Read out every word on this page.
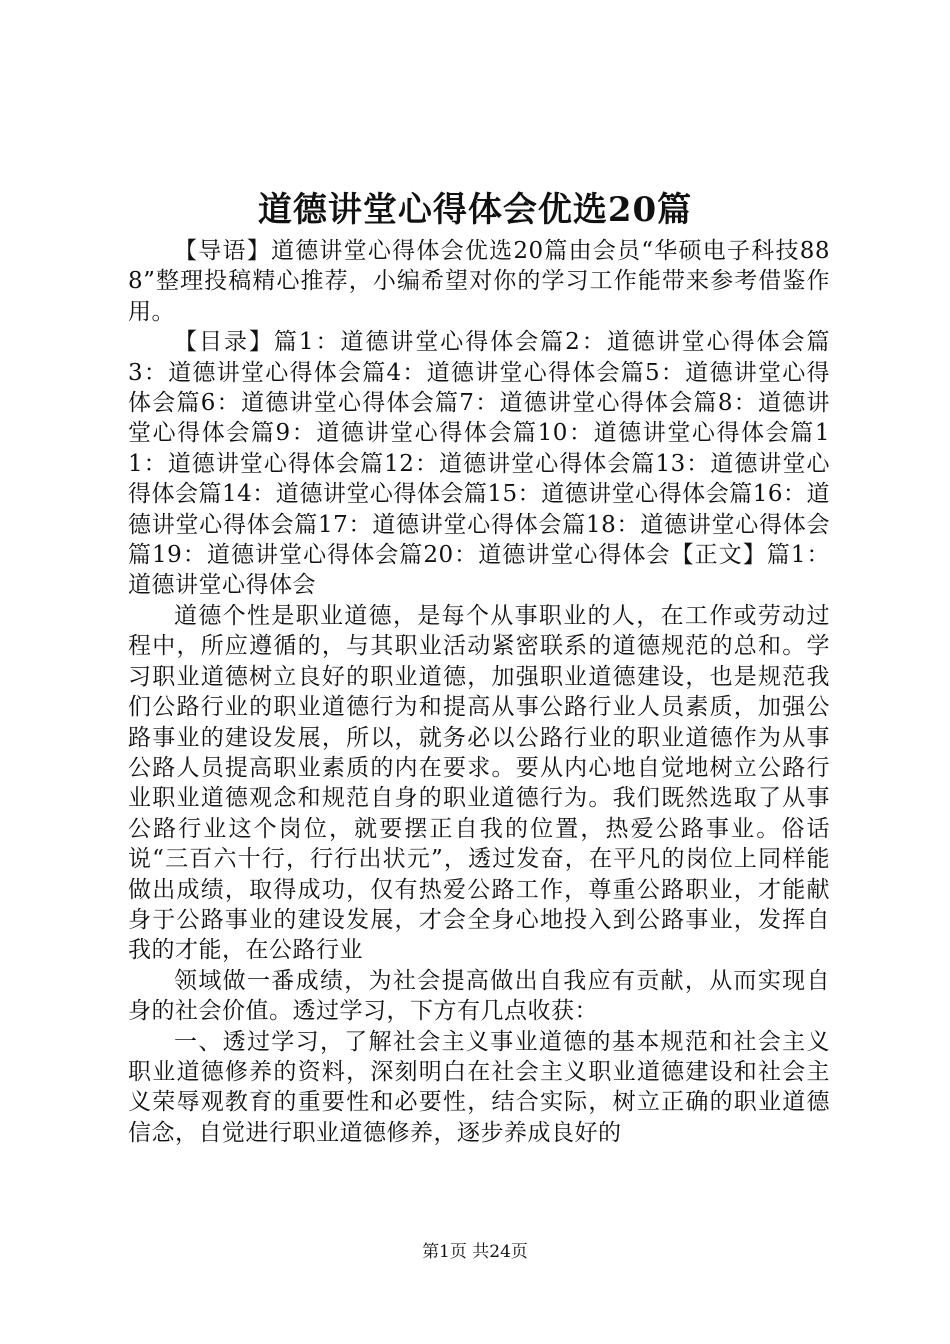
道德讲堂心得体会优选20篇

【导语】道德讲堂心得体会优选20篇由会员“华硕电子科技888”整理投稿精心推荐，小编希望对你的学习工作能带来参考借鉴作用。

【目录】篇1：道德讲堂心得体会篇2：道德讲堂心得体会篇3：道德讲堂心得体会篇4：道德讲堂心得体会篇5：道德讲堂心得体会篇6：道德讲堂心得体会篇7：道德讲堂心得体会篇8：道德讲堂心得体会篇9：道德讲堂心得体会篇10：道德讲堂心得体会篇11：道德讲堂心得体会篇12：道德讲堂心得体会篇13：道德讲堂心得体会篇14：道德讲堂心得体会篇15：道德讲堂心得体会篇16：道德讲堂心得体会篇17：道德讲堂心得体会篇18：道德讲堂心得体会篇19：道德讲堂心得体会篇20：道德讲堂心得体会【正文】篇1：道德讲堂心得体会

道德个性是职业道德，是每个从事职业的人，在工作或劳动过程中，所应遵循的，与其职业活动紧密联系的道德规范的总和。学习职业道德树立良好的职业道德，加强职业道德建设，也是规范我们公路行业的职业道德行为和提高从事公路行业人员素质，加强公路事业的建设发展，所以，就务必以公路行业的职业道德作为从事公路人员提高职业素质的内在要求。要从内心地自觉地树立公路行业职业道德观念和规范自身的职业道德行为。我们既然选取了从事公路行业这个岗位，就要摆正自我的位置，热爱公路事业。俗话说“三百六十行，行行出状元”，透过发奋，在平凡的岗位上同样能做出成绩，取得成功，仅有热爱公路工作，尊重公路职业，才能献身于公路事业的建设发展，才会全身心地投入到公路事业，发挥自我的才能，在公路行业

领域做一番成绩，为社会提高做出自我应有贡献，从而实现自身的社会价值。透过学习，下方有几点收获：

一、透过学习，了解社会主义事业道德的基本规范和社会主义职业道德修养的资料，深刻明白在社会主义职业道德建设和社会主义荣辱观教育的重要性和必要性，结合实际，树立正确的职业道德信念，自觉进行职业道德修养，逐步养成良好的

第1页 共24页
